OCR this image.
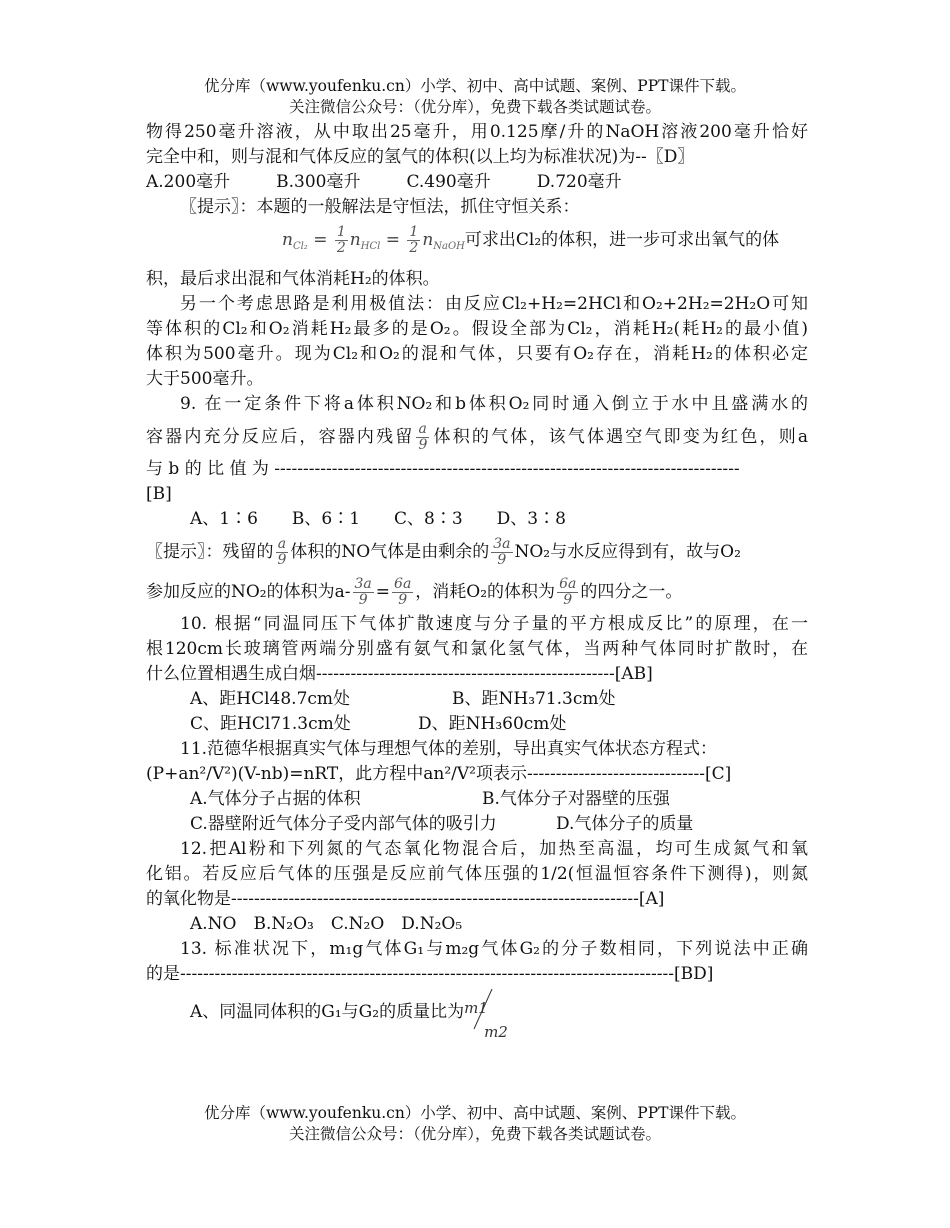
优分库（www.youfenku.cn）小学、初中、高中试题、案例、PPT课件下载。
关注微信公众号：（优分库），免费下载各类试题试卷。

物得250毫升溶液，从中取出25毫升，用0.125摩/升的NaOH溶液200毫升恰好

完全中和，则与混和气体反应的氢气的体积(以上均为标准状况)为--〖D〗

A.200毫升	B.300毫升	C.490毫升	D.720毫升

〖提示〗：本题的一般解法是守恒法，抓住守恒关系：

$n_{Cl_2} = \frac{1}{2} n_{HCl} = \frac{1}{2} n_{NaOH}$可求出Cl₂的体积，进一步可求出氧气的体

积，最后求出混和气体消耗H₂的体积。

另一个考虑思路是利用极值法：由反应Cl₂+H₂=2HCl和O₂+2H₂=2H₂O可知

等体积的Cl₂和O₂消耗H₂最多的是O₂。假设全部为Cl₂，消耗H₂(耗H₂的最小值)

体积为500毫升。现为Cl₂和O₂的混和气体，只要有O₂存在，消耗H₂的体积必定

大于500毫升。

9. 在一定条件下将a体积NO₂和b体积O₂同时通入倒立于水中且盛满水的

容器内充分反应后，容器内残留 $\frac{a}{9}$ 体积的气体，该气体遇空气即变为红色，则a

与 b 的 比 值 为 ---------------------------------------------------------------------------------

[B]

A、1∶6　　B、6∶1　　C、8∶3　　D、3∶8

〖提示〗：残留的 $\frac{a}{9}$ 体积的NO气体是由剩余的 $\frac{3a}{9} NO_2$与水反应得到有，故与O₂

参加反应的NO₂的体积为$a- \frac{3a}{9} = \frac{6a}{9}$ ，消耗O₂的体积为 $\frac{6a}{9}$ 的四分之一。

10. 根据“同温同压下气体扩散速度与分子量的平方根成反比”的原理，在一

根120cm长玻璃管两端分别盛有氨气和氯化氢气体，当两种气体同时扩散时，在

什么位置相遇生成白烟----------------------------------------------------[AB]

A、距HCl48.7cm处	B、距NH₃71.3cm处

C、距HCl71.3cm处	D、距NH₃60cm处

11.范德华根据真实气体与理想气体的差别，导出真实气体状态方程式：

(P+an²/V²)(V-nb)=nRT，此方程中an²/V²项表示-------------------------------[C]

A.气体分子占据的体积	B.气体分子对器壁的压强

C.器壁附近气体分子受内部气体的吸引力	D.气体分子的质量

12.把Al粉和下列氮的气态氧化物混合后，加热至高温，均可生成氮气和氧

化铝。若反应后气体的压强是反应前气体压强的1/2(恒温恒容条件下测得)，则氮

的氧化物是-----------------------------------------------------------------------[A]

A.NO　B.N₂O₃　C.N₂O　D.N₂O₅

13. 标准状况下，m₁g气体G₁与m₂g气体G₂的分子数相同，下列说法中正确

的是--------------------------------------------------------------------------------------[BD]

A、同温同体积的G₁与G₂的质量比为 m1
m2

优分库（www.youfenku.cn）小学、初中、高中试题、案例、PPT课件下载。
关注微信公众号：（优分库），免费下载各类试题试卷。
